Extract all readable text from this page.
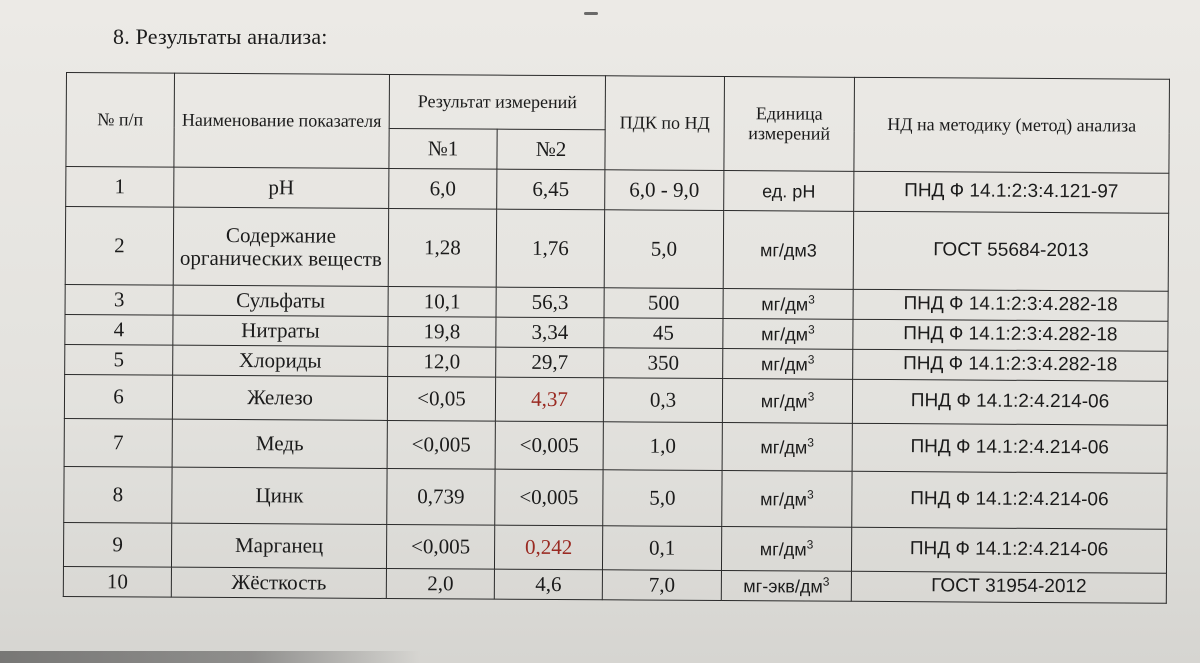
8. Результаты анализа:
№ п/п	Наименование показателя	Результат измерений		ПДК по НД	Единица измерений	НД на методику (метод) анализа
		№1	№2			
1	pH	6,0	6,45	6,0 - 9,0	ед. pH	ПНД Ф 14.1:2:3:4.121-97
2	Содержание органических веществ	1,28	1,76	5,0	мг/дм3	ГОСТ 55684-2013
3	Сульфаты	10,1	56,3	500	$мг/дм^3$	ПНД Ф 14.1:2:3:4.282-18
4	Нитраты	19,8	3,34	45	$мг/дм^3$	ПНД Ф 14.1:2:3:4.282-18
5	Хлориды	12,0	29,7	350	$мг/дм^3$	ПНД Ф 14.1:2:3:4.282-18
6	Железо	<0,05	4,37	0,3	$мг/дм^3$	ПНД Ф 14.1:2:4.214-06
7	Медь	<0,005	<0,005	1,0	$мг/дм^3$	ПНД Ф 14.1:2:4.214-06
8	Цинк	0,739	<0,005	5,0	$мг/дм^3$	ПНД Ф 14.1:2:4.214-06
9	Марганец	<0,005	0,242	0,1	$мг/дм^3$	ПНД Ф 14.1:2:4.214-06
10	Жёсткость	2,0	4,6	7,0	$мг-экв/дм^3$	ГОСТ 31954-2012
